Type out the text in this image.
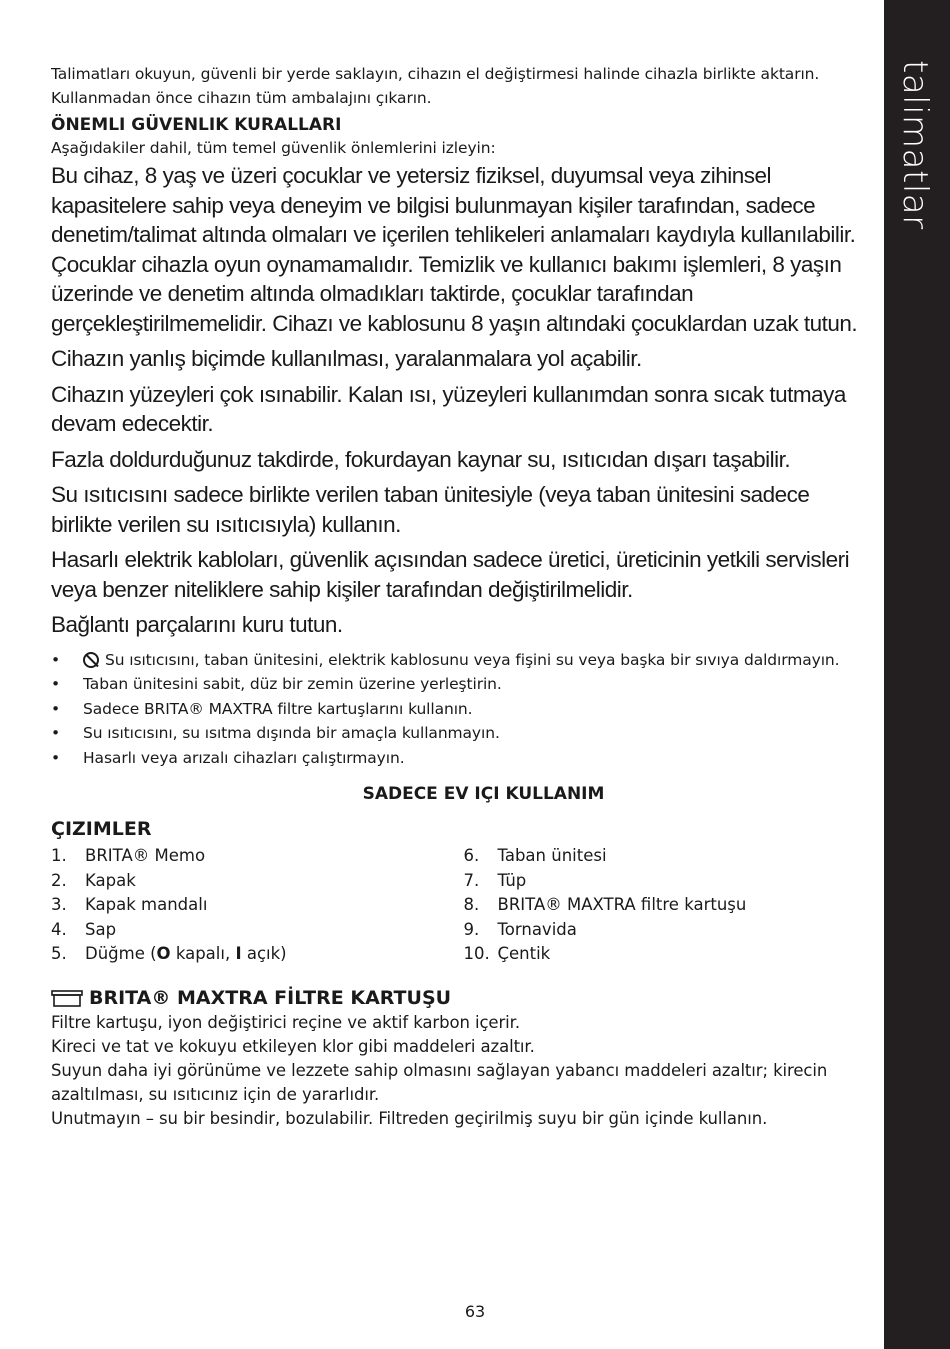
talimatlar

Talimatları okuyun, güvenli bir yerde saklayın, cihazın el değiştirmesi halinde cihazla birlikte aktarın. Kullanmadan önce cihazın tüm ambalajını çıkarın.

ÖNEMLI GÜVENLIK KURALLARI

Aşağıdakiler dahil, tüm temel güvenlik önlemlerini izleyin:

Bu cihaz, 8 yaş ve üzeri çocuklar ve yetersiz fiziksel, duyumsal veya zihinsel kapasitelere sahip veya deneyim ve bilgisi bulunmayan kişiler tarafından, sadece denetim/talimat altında olmaları ve içerilen tehlikeleri anlamaları kaydıyla kullanılabilir. Çocuklar cihazla oyun oynamamalıdır. Temizlik ve kullanıcı bakımı işlemleri, 8 yaşın üzerinde ve denetim altında olmadıkları taktirde, çocuklar tarafından gerçekleştirilmemelidir. Cihazı ve kablosunu 8 yaşın altındaki çocuklardan uzak tutun.

Cihazın yanlış biçimde kullanılması, yaralanmalara yol açabilir.

Cihazın yüzeyleri çok ısınabilir. Kalan ısı, yüzeyleri kullanımdan sonra sıcak tutmaya devam edecektir.

Fazla doldurduğunuz takdirde, fokurdayan kaynar su, ısıtıcıdan dışarı taşabilir.

Su ısıtıcısını sadece birlikte verilen taban ünitesiyle (veya taban ünitesini sadece birlikte verilen su ısıtıcısıyla) kullanın.

Hasarlı elektrik kabloları, güvenlik açısından sadece üretici, üreticinin yetkili servisleri veya benzer niteliklere sahip kişiler tarafından değiştirilmelidir.

Bağlantı parçalarını kuru tutun.

•	Su ısıtıcısını, taban ünitesini, elektrik kablosunu veya fişini su veya başka bir sıvıya daldırmayın.
• Taban ünitesini sabit, düz bir zemin üzerine yerleştirin.
• Sadece BRITA® MAXTRA filtre kartuşlarını kullanın.
• Su ısıtıcısını, su ısıtma dışında bir amaçla kullanmayın.
• Hasarlı veya arızalı cihazları çalıştırmayın.
SADECE EV IÇI KULLANIM
ÇIZIMLER
1.	BRITA® Memo
2.	Kapak
3.	Kapak mandalı
4.	Sap
5.	Düğme (O kapalı, I açık)
6.	Taban ünitesi
7.	Tüp
8.	BRITA® MAXTRA filtre kartuşu
9.	Tornavida
10. Çentik
BRITA® MAXTRA FİLTRE KARTUŞU

Filtre kartuşu, iyon değiştirici reçine ve aktif karbon içerir.

Kireci ve tat ve kokuyu etkileyen klor gibi maddeleri azaltır.

Suyun daha iyi görünüme ve lezzete sahip olmasını sağlayan yabancı maddeleri azaltır; kirecin azaltılması, su ısıtıcınız için de yararlıdır.

Unutmayın – su bir besindir, bozulabilir. Filtreden geçirilmiş suyu bir gün içinde kullanın.

63
